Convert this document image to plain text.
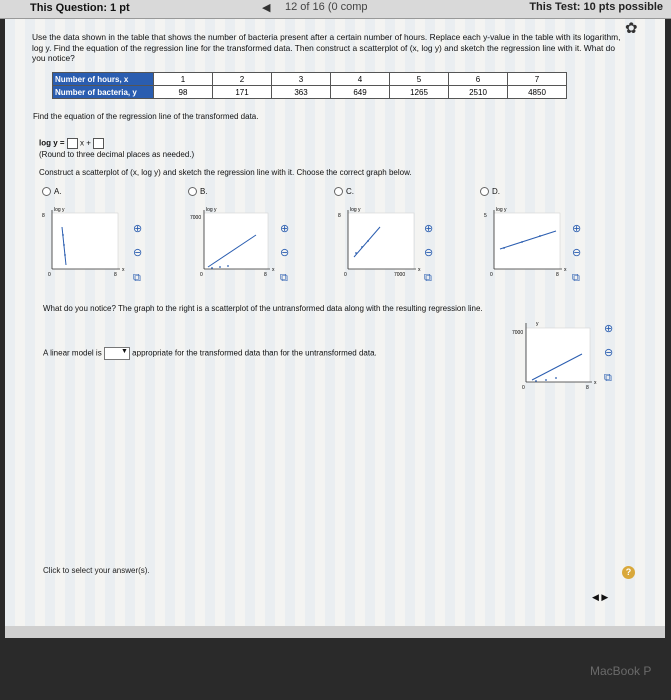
This Question: 1 pt	◀ 12 of 16 (0 comp	This Test: 10 pts possible
✿
Use the data shown in the table that shows the number of bacteria present after a certain number of hours. Replace each y-value in the table with its logarithm, log y. Find the equation of the regression line for the transformed data. Then construct a scatterplot of (x, log y) and sketch the regression line with it. What do you notice?
Number of hours, x	1	2	3	4	5	6	7
Number of bacteria, y	98	171	363	649	1265	2510	4850
Find the equation of the regression line of the transformed data.
log y = x +
(Round to three decimal places as needed.)
Construct a scatterplot of (x, log y) and sketch the regression line with it. Choose the correct graph below.
A.	B.	C.	D.
log y
8
0	8
x
⊕
⊖
⧉
log y
7000
0	8
x
⊕
⊖
⧉
log y
8
0	7000
x
⊕
⊖
⧉
log y
5
0	8
x
⊕
⊖
⧉
What do you notice? The graph to the right is a scatterplot of the untransformed data along with the resulting regression line.
y
7000
0	8
x
⊕
⊖
⧉
A linear model is	▼ appropriate for the transformed data than for the untransformed data.
Click to select your answer(s).	?
◀ ▶
MacBook P
